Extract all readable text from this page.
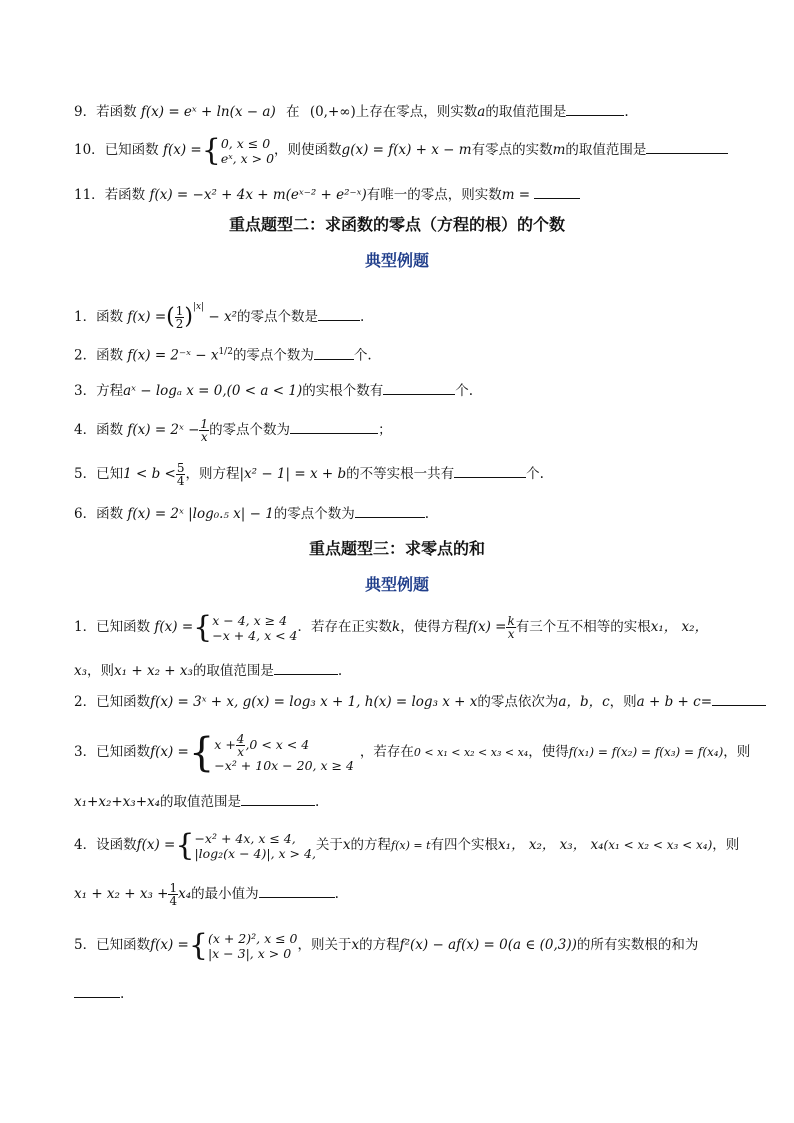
9．若函数 f(x) = eˣ + ln(x − a) 在 (0,+∞)上存在零点，则实数a的取值范围是	.
10．已知函数 f(x) ={0, x ≤ 0
eˣ, x > 0，则使函数g(x) = f(x) + x − m有零点的实数m的取值范围是
11．若函数 f(x) = −x² + 4x + m(eˣ⁻² + e²⁻ˣ)有唯一的零点，则实数m =
重点题型二：求函数的零点（方程的根）的个数
典型例题
1．函数 f(x) =( $\frac{1}{2} )^{|x|} - x^2$的零点个数是	.
2．函数 f(x) = 2⁻ˣ − $x^{1/2}$的零点个数为	个.
3．方程aˣ − logₐ x = 0,(0 < a < 1)的实根个数有	个.
4．函数 f(x) = 2ˣ − $\frac{1}{x}$ 的零点个数为	；
5．已知$1 < b < \frac{5}{4}$ ，则方程|x² − 1| = x + b的不等实根一共有	个.
6．函数 f(x) = 2ˣ |log₀.₅ x| − 1的零点个数为	.
重点题型三：求零点的和
典型例题
1．已知函数 f(x) ={x − 4, x ≥ 4
−x + 4, x < 4．若存在正实数k，使得方程$f(x) = \frac{k}{x}$ 有三个互不相等的实根x₁， x₂，
x₃，则x₁ + x₂ + x₃的取值范围是	.
2．已知函数f(x) = 3ˣ + x, g(x) = log₃ x + 1, h(x) = log₃ x + x的零点依次为a，b，c，则a + b + c=
3．已知函数$f(x) =\{x + \frac{4}{x} ,0 < x < 4$
−x² + 10x − 20, x ≥ 4，若存在0 < x₁ < x₂ < x₃ < x₄，使得f(x₁) = f(x₂) = f(x₃) = f(x₄)，则
x₁+x₂+x₃+x₄的取值范围是	.
4．设函数f(x) ={−x² + 4x, x ≤ 4,
|log₂(x − 4)|, x > 4,关于x的方程f(x) = t有四个实根x₁， x₂， x₃， x₄(x₁ < x₂ < x₃ < x₄)，则
$x_1 + x_2 + x_3 + \frac{1}{4} x_4$的最小值为	.
5．已知函数f(x) ={(x + 2)², x ≤ 0
|x − 3|, x > 0 ，则关于x的方程f²(x) − af(x) = 0(a ∈ (0,3))的所有实数根的和为
.
